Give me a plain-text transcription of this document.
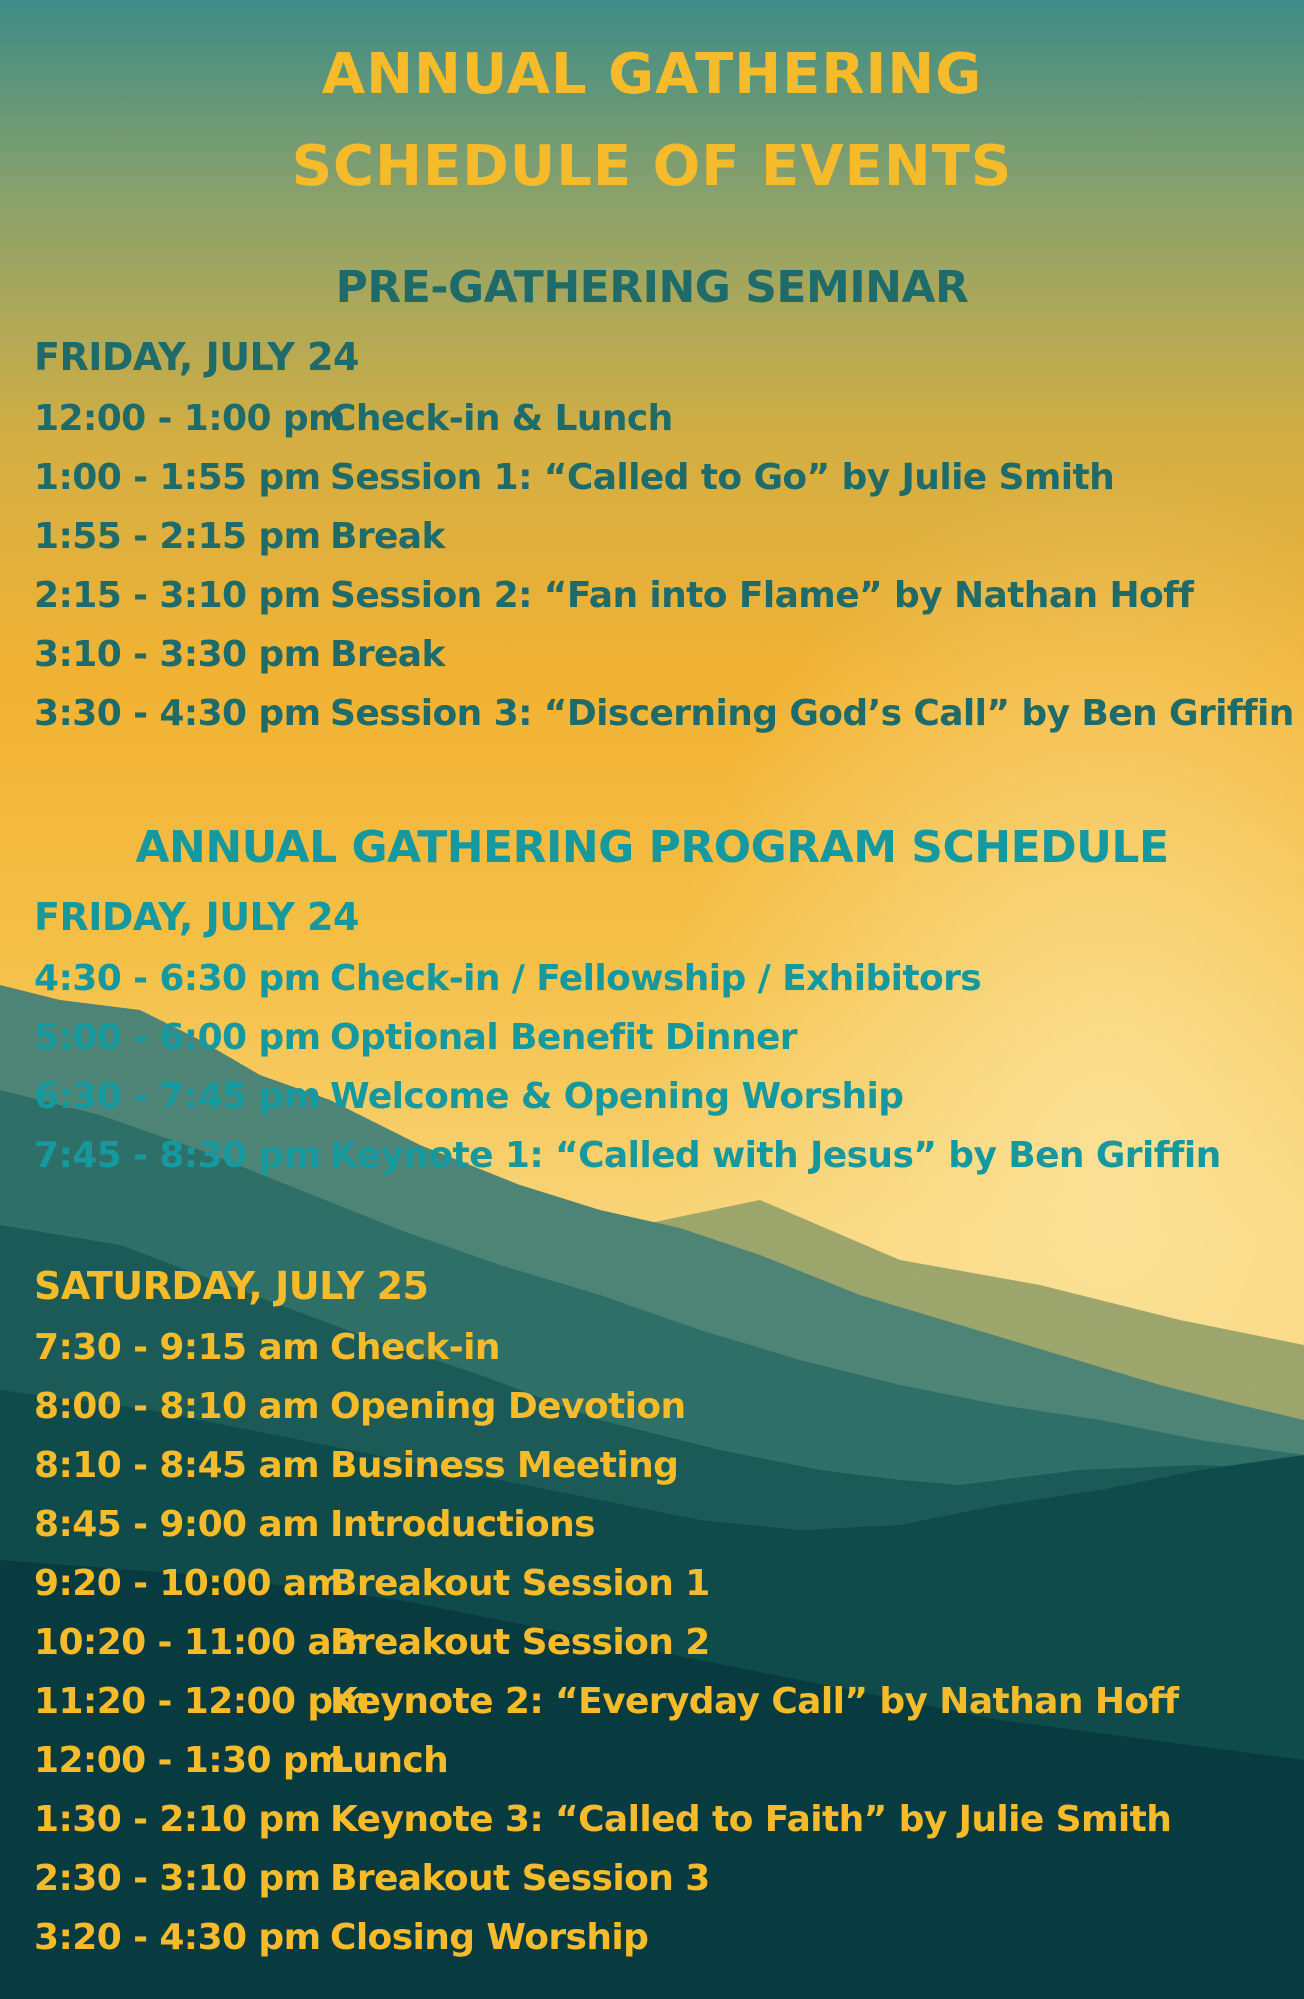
ANNUAL GATHERING
SCHEDULE OF EVENTS
PRE-GATHERING SEMINAR
FRIDAY, JULY 24
12:00 - 1:00 pm
Check-in & Lunch
1:00 - 1:55 pm Session 1: “Called to Go” by Julie Smith
1:55 - 2:15 pm Break
2:15 - 3:10 pm Session 2: “Fan into Flame” by Nathan Hoff
3:10 - 3:30 pm Break
3:30 - 4:30 pm Session 3: “Discerning God’s Call” by Ben Griffin
ANNUAL GATHERING PROGRAM SCHEDULE
FRIDAY, JULY 24
4:30 - 6:30 pm Check-in / Fellowship / Exhibitors
5:00 - 6:00 pm Optional Benefit Dinner
6:30 - 7:45 pm Welcome & Opening Worship
7:45 - 8:30 pm Keynote 1: “Called with Jesus” by Ben Griffin
SATURDAY, JULY 25
7:30 - 9:15 am Check-in
8:00 - 8:10 am Opening Devotion
8:10 - 8:45 am Business Meeting
8:45 - 9:00 am Introductions
9:20 - 10:00 am
Breakout Session 1
10:20 - 11:00 am
Breakout Session 2
11:20 - 12:00 pm
Keynote 2: “Everyday Call” by Nathan Hoff
12:00 - 1:30 pm
Lunch
1:30 - 2:10 pm Keynote 3: “Called to Faith” by Julie Smith
2:30 - 3:10 pm Breakout Session 3
3:20 - 4:30 pm Closing Worship
